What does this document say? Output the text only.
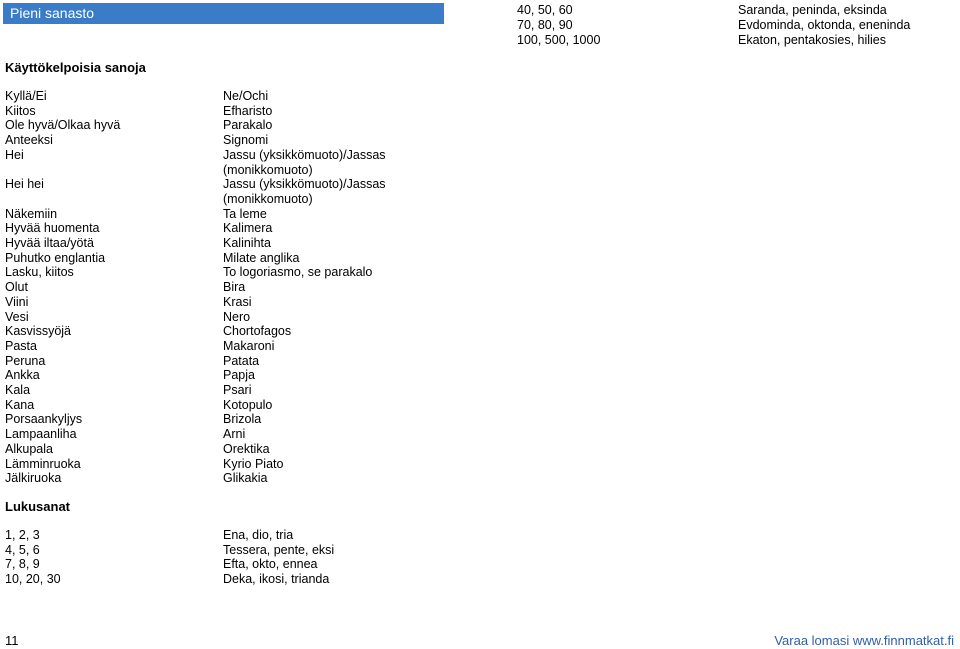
Pieni sanasto	40, 50, 60
70, 80, 90
100, 500, 1000
Saranda, peninda, eksinda
Evdominda, oktonda, eneninda
Ekaton, pentakosies, hilies
Käyttökelpoisia sanoja
Kyllä/Ei
Kiitos
Ole hyvä/Olkaa hyvä
Anteeksi
Hei

Hei hei

Näkemiin
Hyvää huomenta
Hyvää iltaa/yötä
Puhutko englantia
Lasku, kiitos
Olut
Viini
Vesi
Kasvissyöjä
Pasta
Peruna
Ankka
Kala
Kana
Porsaankyljys
Lampaanliha
Alkupala
Lämminruoka
Jälkiruoka
Ne/Ochi
Efharisto
Parakalo
Signomi
Jassu (yksikkömuoto)/Jassas
(monikkomuoto)
Jassu (yksikkömuoto)/Jassas
(monikkomuoto)
Ta leme
Kalimera
Kalinihta
Milate anglika
To logoriasmo, se parakalo
Bira
Krasi
Nero
Chortofagos
Makaroni
Patata
Papja
Psari
Kotopulo
Brizola
Arni
Orektika
Kyrio Piato
Glikakia
Lukusanat
1, 2, 3
4, 5, 6
7, 8, 9
10, 20, 30
Ena, dio, tria
Tessera, pente, eksi
Efta, okto, ennea
Deka, ikosi, trianda
11	Varaa lomasi www.finnmatkat.fi
